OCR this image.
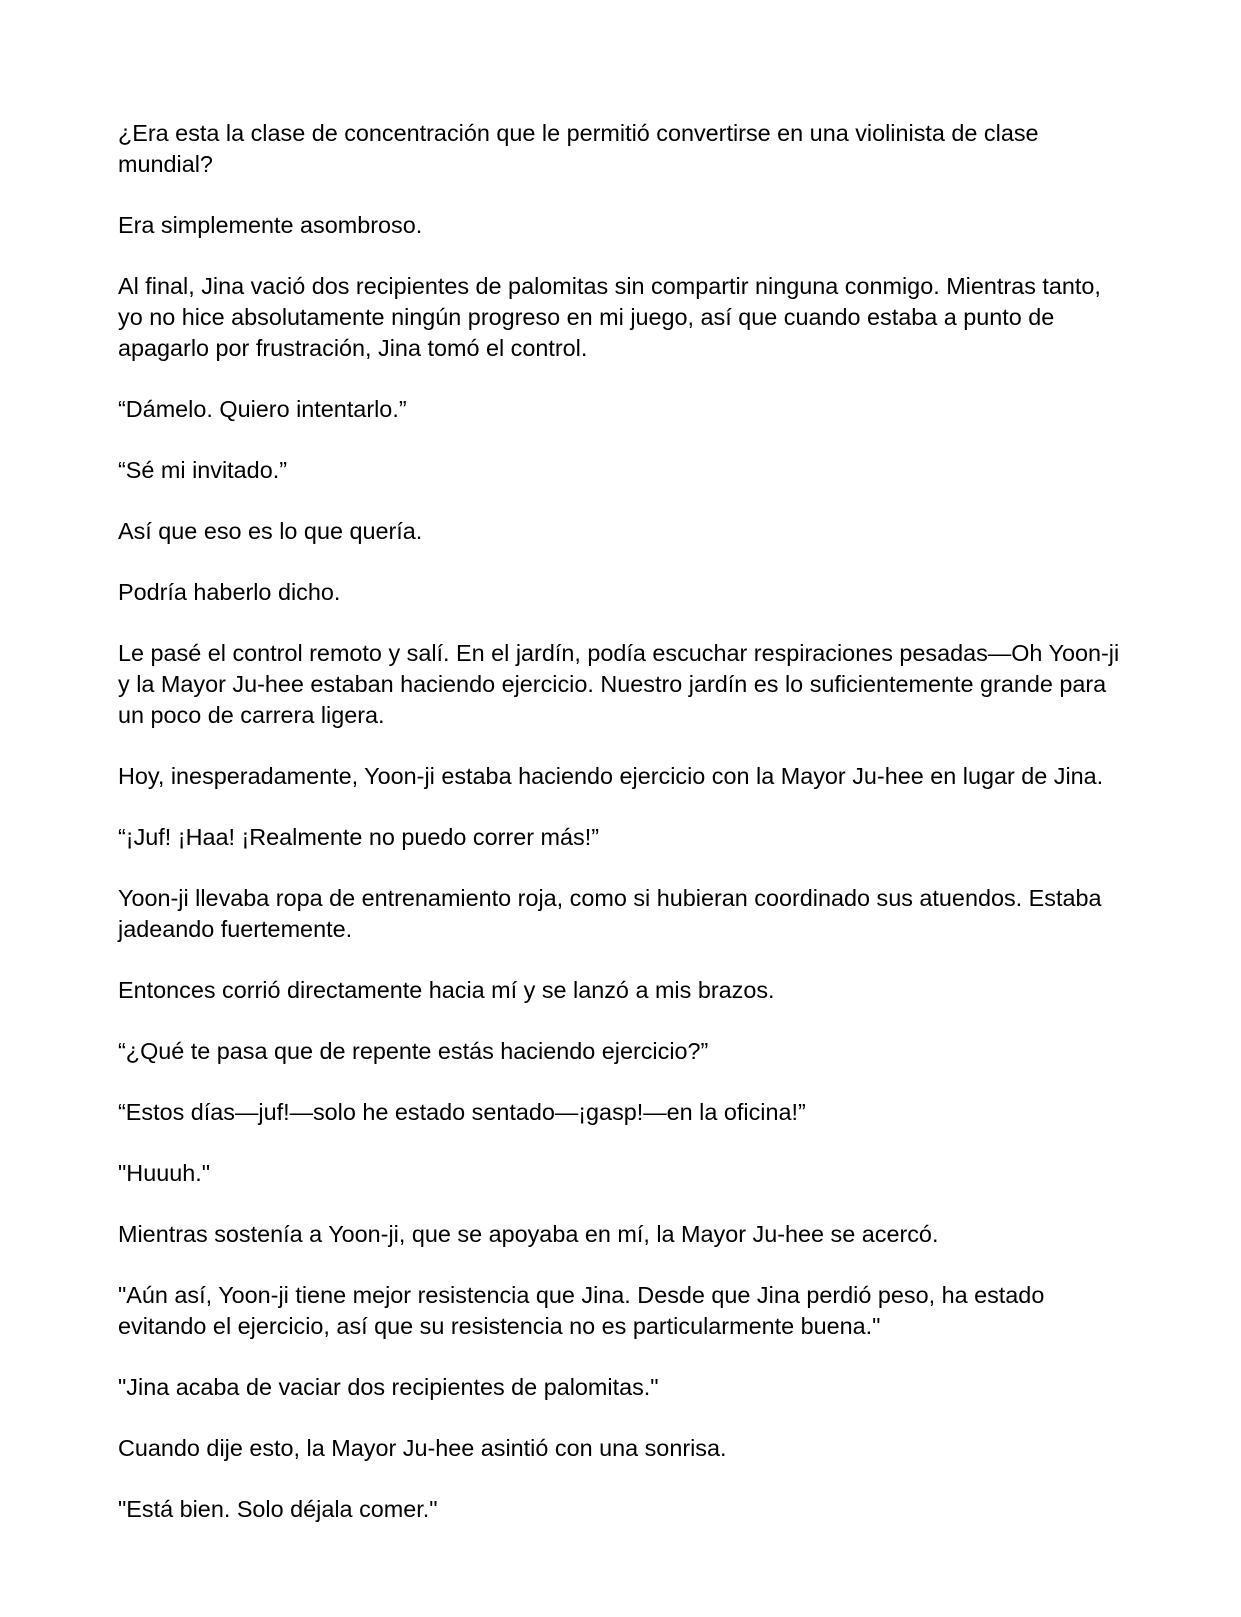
¿Era esta la clase de concentración que le permitió convertirse en una violinista de clase mundial?

Era simplemente asombroso.

Al final, Jina vació dos recipientes de palomitas sin compartir ninguna conmigo. Mientras tanto, yo no hice absolutamente ningún progreso en mi juego, así que cuando estaba a punto de apagarlo por frustración, Jina tomó el control.

“Dámelo. Quiero intentarlo.”

“Sé mi invitado.”

Así que eso es lo que quería.

Podría haberlo dicho.

Le pasé el control remoto y salí. En el jardín, podía escuchar respiraciones pesadas—Oh Yoon-ji y la Mayor Ju-hee estaban haciendo ejercicio. Nuestro jardín es lo suficientemente grande para un poco de carrera ligera.

Hoy, inesperadamente, Yoon-ji estaba haciendo ejercicio con la Mayor Ju-hee en lugar de Jina.

“¡Juf! ¡Haa! ¡Realmente no puedo correr más!”

Yoon-ji llevaba ropa de entrenamiento roja, como si hubieran coordinado sus atuendos. Estaba jadeando fuertemente.

Entonces corrió directamente hacia mí y se lanzó a mis brazos.

“¿Qué te pasa que de repente estás haciendo ejercicio?”

“Estos días—juf!—solo he estado sentado—¡gasp!—en la oficina!”

"Huuuh."

Mientras sostenía a Yoon-ji, que se apoyaba en mí, la Mayor Ju-hee se acercó.

"Aún así, Yoon-ji tiene mejor resistencia que Jina. Desde que Jina perdió peso, ha estado evitando el ejercicio, así que su resistencia no es particularmente buena."

"Jina acaba de vaciar dos recipientes de palomitas."

Cuando dije esto, la Mayor Ju-hee asintió con una sonrisa.

"Está bien. Solo déjala comer."
